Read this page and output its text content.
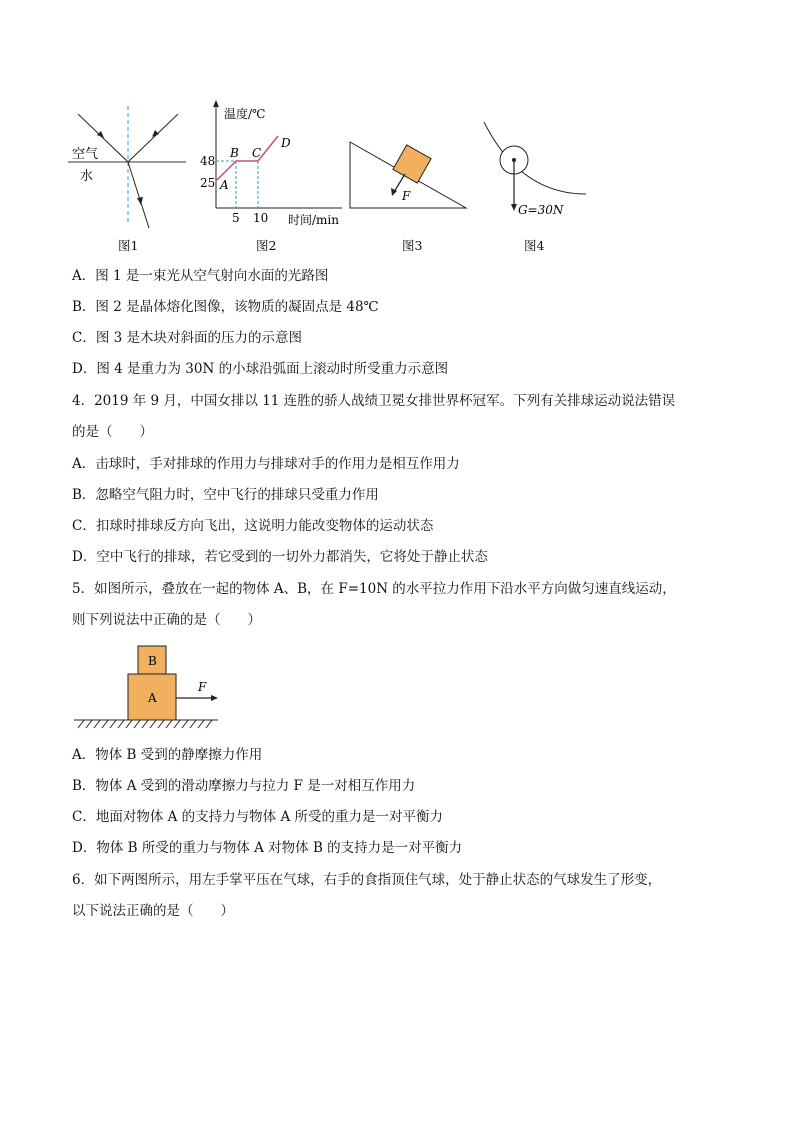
空气
水
图1
温度/℃
时间/min
48
25
5 10
A
B C
D
图2
F
图3
G=30N
图4
A．图 1 是一束光从空气射向水面的光路图
B．图 2 是晶体熔化图像，该物质的凝固点是 48℃
C．图 3 是木块对斜面的压力的示意图
D．图 4 是重力为 30N 的小球沿弧面上滚动时所受重力示意图
4．2019 年 9 月，中国女排以 11 连胜的骄人战绩卫冕女排世界杯冠军。下列有关排球运动说法错误
的是（　　）
A．击球时，手对排球的作用力与排球对手的作用力是相互作用力
B．忽略空气阻力时，空中飞行的排球只受重力作用
C．扣球时排球反方向飞出，这说明力能改变物体的运动状态
D．空中飞行的排球，若它受到的一切外力都消失，它将处于静止状态
5．如图所示，叠放在一起的物体 A、B，在 F=10N 的水平拉力作用下沿水平方向做匀速直线运动，
则下列说法中正确的是（　　）
B
A
F
A．物体 B 受到的静摩擦力作用
B．物体 A 受到的滑动摩擦力与拉力 F 是一对相互作用力
C．地面对物体 A 的支持力与物体 A 所受的重力是一对平衡力
D．物体 B 所受的重力与物体 A 对物体 B 的支持力是一对平衡力
6．如下两图所示，用左手掌平压在气球，右手的食指顶住气球，处于静止状态的气球发生了形变，
以下说法正确的是（　　）
